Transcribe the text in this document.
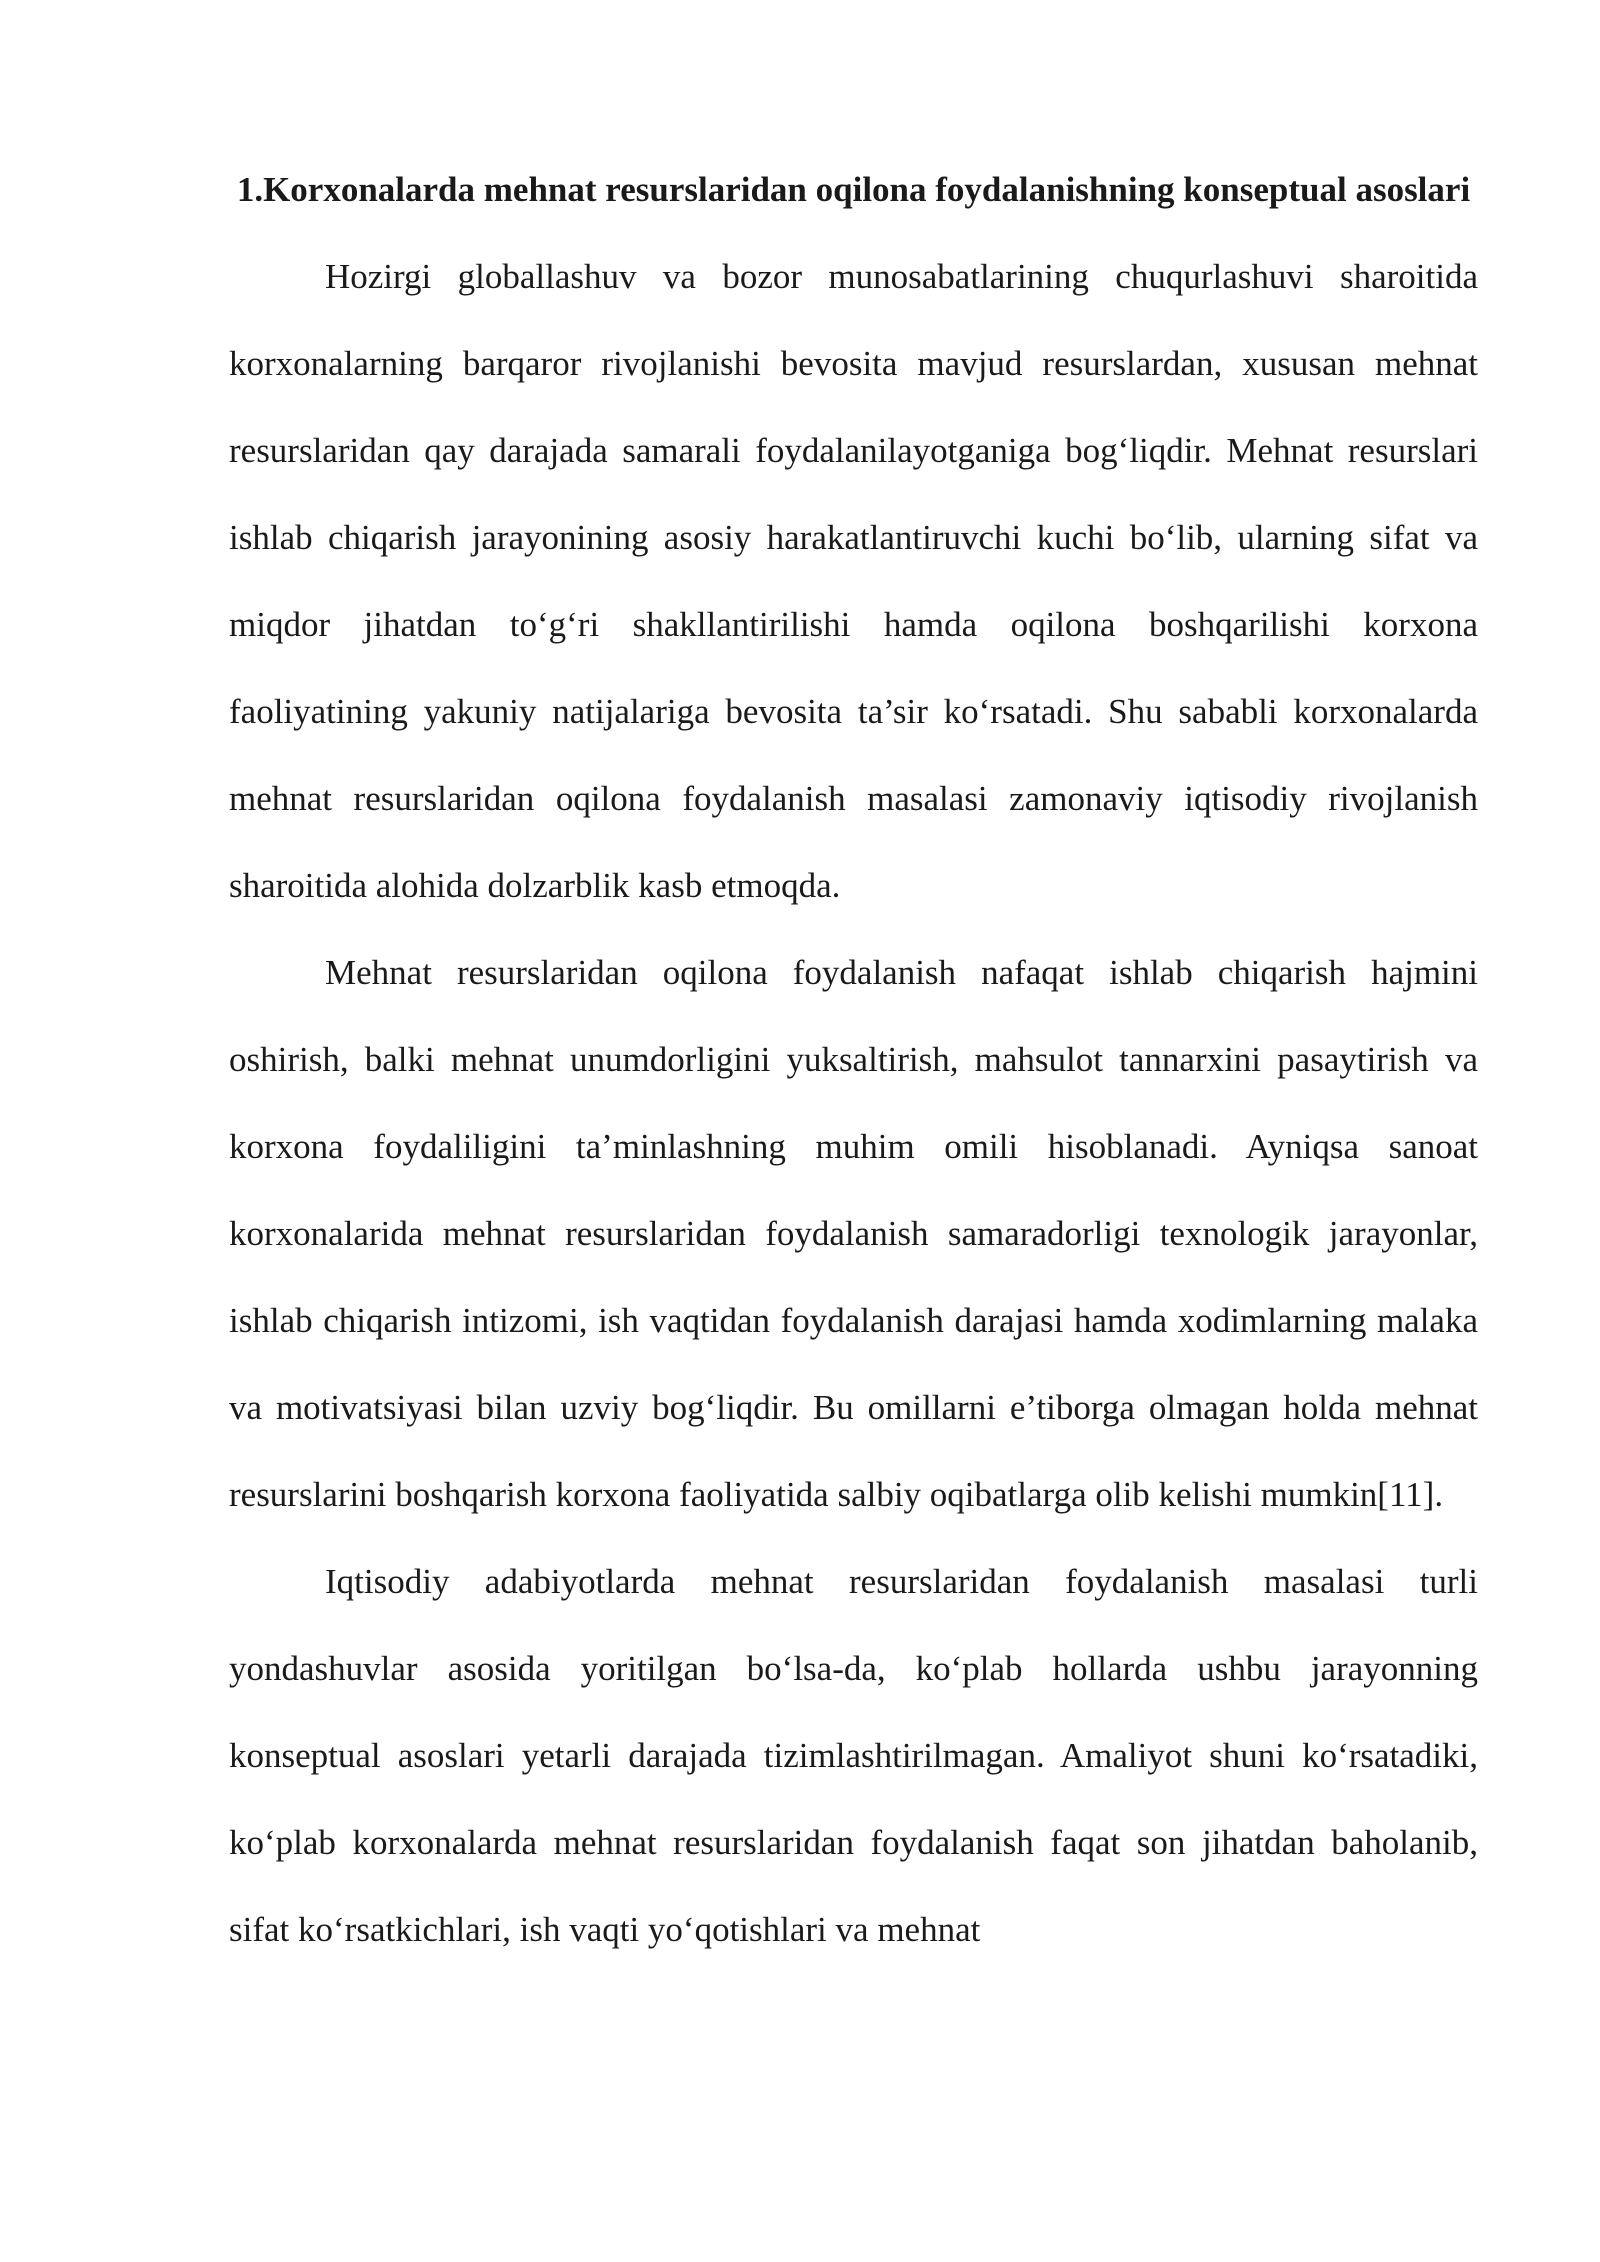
1.Korxonalarda mehnat resurslaridan oqilona foydalanishning konseptual asoslari

Hozirgi globallashuv va bozor munosabatlarining chuqurlashuvi sharoitida korxonalarning barqaror rivojlanishi bevosita mavjud resurslardan, xususan mehnat resurslaridan qay darajada samarali foydalanilayotganiga bog‘liqdir. Mehnat resurslari ishlab chiqarish jarayonining asosiy harakatlantiruvchi kuchi bo‘lib, ularning sifat va miqdor jihatdan to‘g‘ri shakllantirilishi hamda oqilona boshqarilishi korxona faoliyatining yakuniy natijalariga bevosita ta’sir ko‘rsatadi. Shu sababli korxonalarda mehnat resurslaridan oqilona foydalanish masalasi zamonaviy iqtisodiy rivojlanish sharoitida alohida dolzarblik kasb etmoqda.

Mehnat resurslaridan oqilona foydalanish nafaqat ishlab chiqarish hajmini oshirish, balki mehnat unumdorligini yuksaltirish, mahsulot tannarxini pasaytirish va korxona foydaliligini ta’minlashning muhim omili hisoblanadi. Ayniqsa sanoat korxonalarida mehnat resurslaridan foydalanish samaradorligi texnologik jarayonlar, ishlab chiqarish intizomi, ish vaqtidan foydalanish darajasi hamda xodimlarning malaka va motivatsiyasi bilan uzviy bog‘liqdir. Bu omillarni e’tiborga olmagan holda mehnat resurslarini boshqarish korxona faoliyatida salbiy oqibatlarga olib kelishi mumkin[11].

Iqtisodiy adabiyotlarda mehnat resurslaridan foydalanish masalasi turli yondashuvlar asosida yoritilgan bo‘lsa-da, ko‘plab hollarda ushbu jarayonning konseptual asoslari yetarli darajada tizimlashtirilmagan. Amaliyot shuni ko‘rsatadiki, ko‘plab korxonalarda mehnat resurslaridan foydalanish faqat son jihatdan baholanib, sifat ko‘rsatkichlari, ish vaqti yo‘qotishlari va mehnat
